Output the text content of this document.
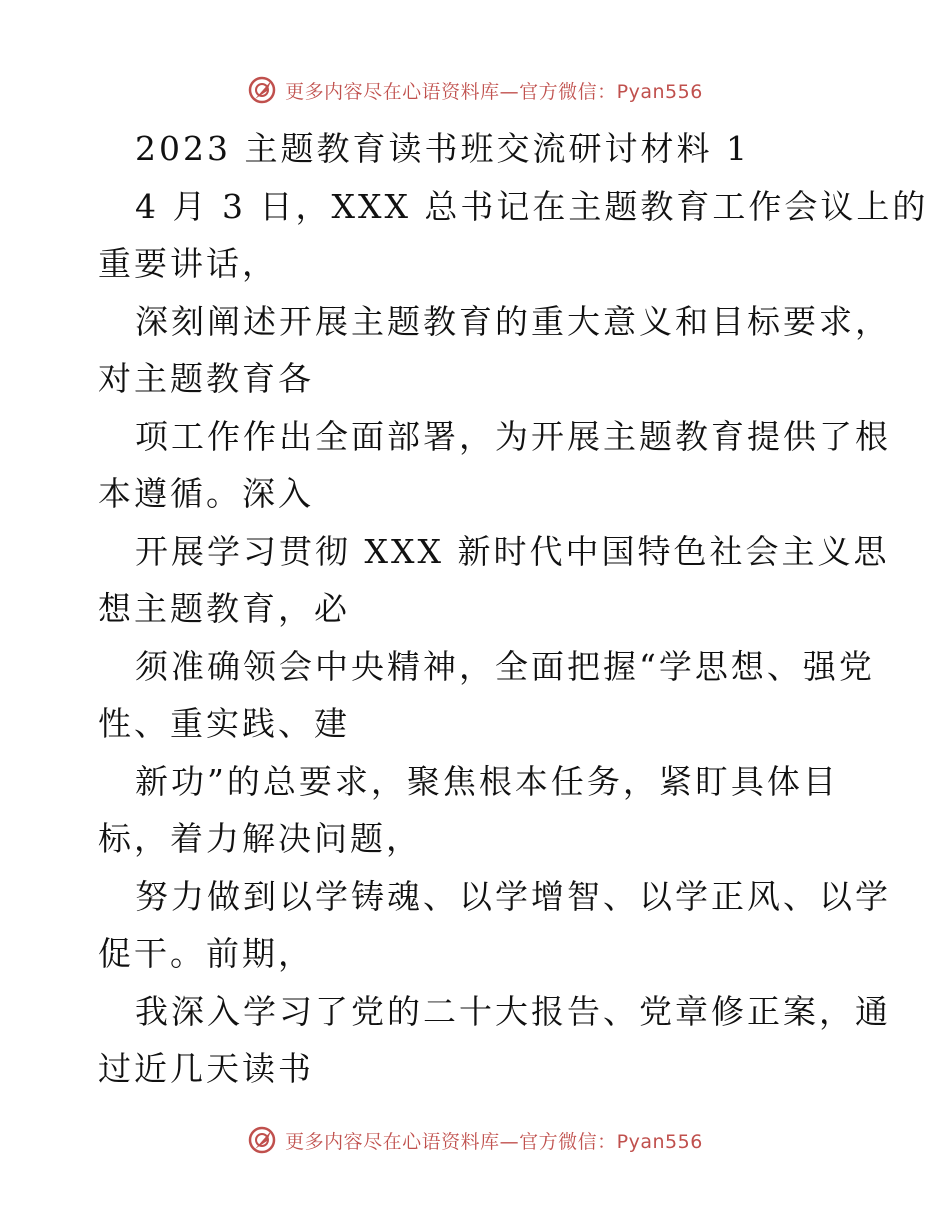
更多内容尽在心语资料库—官方微信：Pyan556
2023 主题教育读书班交流研讨材料 1
4 月 3 日，XXX 总书记在主题教育工作会议上的
重要讲话，
深刻阐述开展主题教育的重大意义和目标要求，
对主题教育各
项工作作出全面部署，为开展主题教育提供了根
本遵循。深入
开展学习贯彻 XXX 新时代中国特色社会主义思
想主题教育，必
须准确领会中央精神，全面把握“学思想、强党
性、重实践、建
新功”的总要求，聚焦根本任务，紧盯具体目
标，着力解决问题，
努力做到以学铸魂、以学增智、以学正风、以学
促干。前期，
我深入学习了党的二十大报告、党章修正案，通
过近几天读书
更多内容尽在心语资料库—官方微信：Pyan556
